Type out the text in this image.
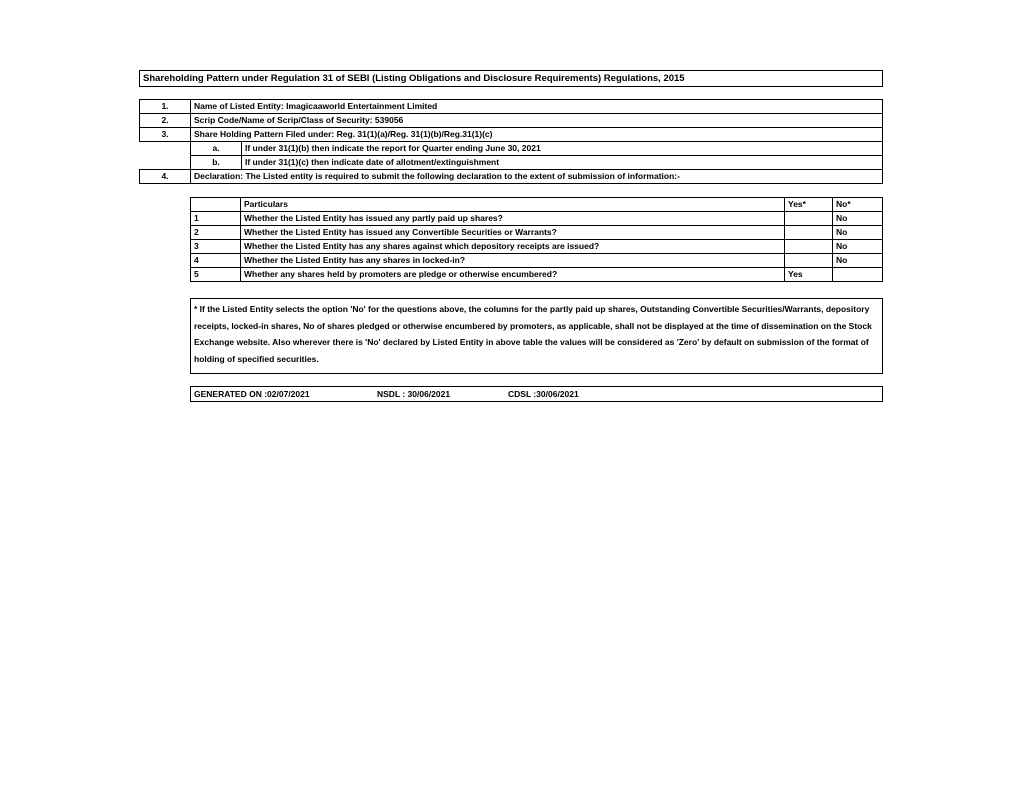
Shareholding Pattern under Regulation 31 of SEBI (Listing Obligations and Disclosure Requirements) Regulations, 2015
1.	Name of Listed Entity: Imagicaaworld Entertainment Limited	
2.	Scrip Code/Name of Scrip/Class of Security: 539056	
3.	Share Holding Pattern Filed under: Reg. 31(1)(a)/Reg. 31(1)(b)/Reg.31(1)(c)	
	a.	If under 31(1)(b) then indicate the report for Quarter ending June 30, 2021
	b.	If under 31(1)(c) then indicate date of allotment/extinguishment
4.	Declaration: The Listed entity is required to submit the following declaration to the extent of submission of information:-	
	Particulars	Yes*	No*
1	Whether the Listed Entity has issued any partly paid up shares?		No
2	Whether the Listed Entity has issued any Convertible Securities or Warrants?		No
3	Whether the Listed Entity has any shares against which depository receipts are issued?		No
4	Whether the Listed Entity has any shares in locked-in?		No
5	Whether any shares held by promoters are pledge or otherwise encumbered?	Yes	
* If the Listed Entity selects the option 'No' for the questions above, the columns for the partly paid up shares, Outstanding Convertible Securities/Warrants, depository receipts, locked-in shares, No of shares pledged or otherwise encumbered by promoters, as applicable, shall not be displayed at the time of dissemination on the Stock Exchange website. Also wherever there is 'No' declared by Listed Entity in above table the values will be considered as 'Zero' by default on submission of the format of holding of specified securities.
GENERATED ON :02/07/2021	NSDL : 30/06/2021	CDSL :30/06/2021
